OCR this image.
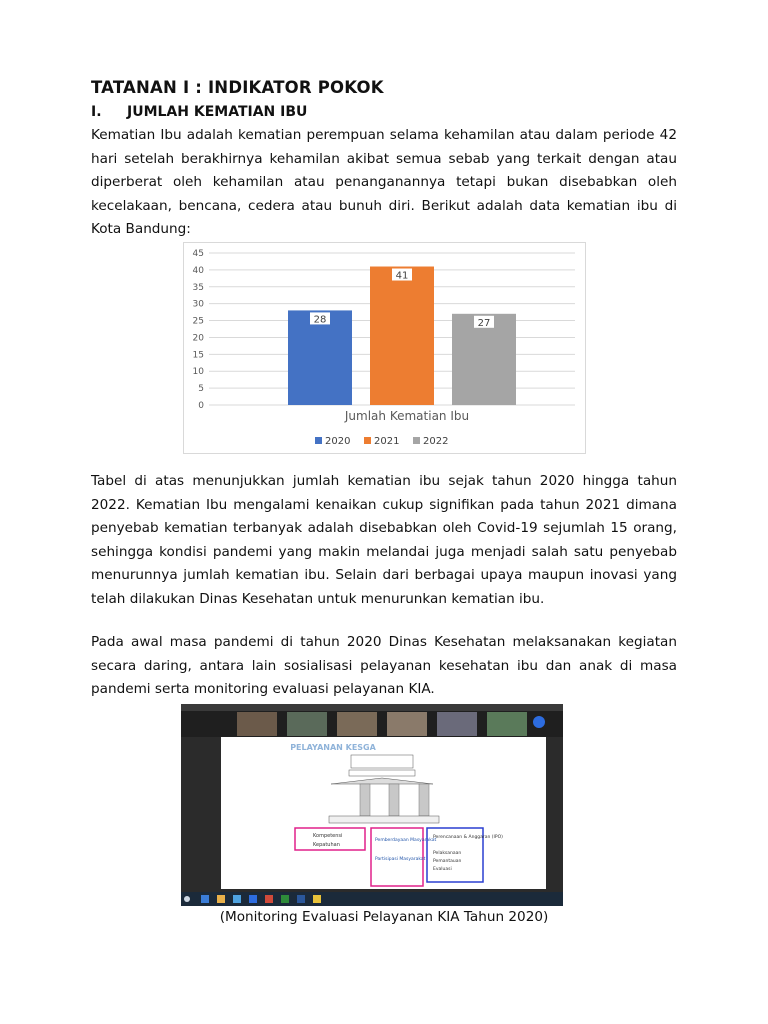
TATANAN I : INDIKATOR POKOK
I. JUMLAH KEMATIAN IBU

Kematian Ibu adalah kematian perempuan selama kehamilan atau dalam periode 42 hari setelah berakhirnya kehamilan akibat semua sebab yang terkait dengan atau diperberat oleh kehamilan atau penanganannya tetapi bukan disebabkan oleh kecelakaan, bencana, cedera atau bunuh diri. Berikut adalah data kematian ibu di Kota Bandung:

0
5
10
15
20
25
30
35
40
45
28
41
27
Jumlah Kematian Ibu
2020 2021 2022

Tabel di atas menunjukkan jumlah kematian ibu sejak tahun 2020 hingga tahun 2022. Kematian Ibu mengalami kenaikan cukup signifikan pada tahun 2021 dimana penyebab kematian terbanyak adalah disebabkan oleh Covid-19 sejumlah 15 orang, sehingga kondisi pandemi yang makin melandai juga menjadi salah satu penyebab menurunnya jumlah kematian ibu. Selain dari berbagai upaya maupun inovasi yang telah dilakukan Dinas Kesehatan untuk menurunkan kematian ibu.

Pada awal masa pandemi di tahun 2020 Dinas Kesehatan melaksanakan kegiatan secara daring, antara lain sosialisasi pelayanan kesehatan ibu dan anak di masa pandemi serta monitoring evaluasi pelayanan KIA.

PELAYANAN KESGA
Kompetensi
Kepatuhan
Pemberdayaan Masyarakat
Partisipasi Masyarakat
Perencanaan & Anggaran (IPO)
Pelaksanaan
Pemantauan
Evaluasi
(Monitoring Evaluasi Pelayanan KIA Tahun 2020)
